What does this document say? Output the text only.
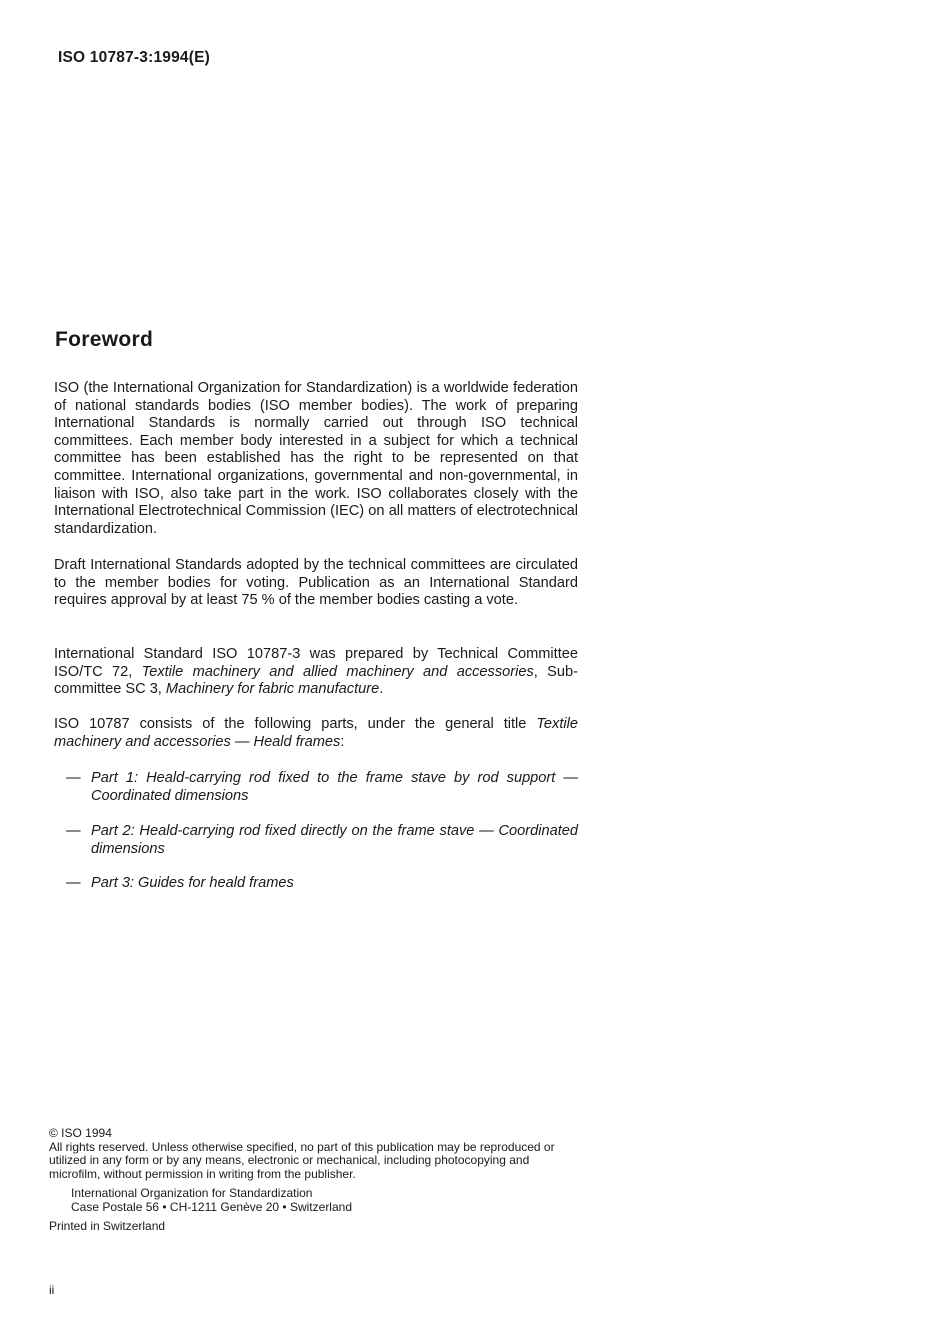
ISO 10787-3:1994(E)
Foreword

ISO (the International Organization for Standardization) is a worldwide federation of national standards bodies (ISO member bodies). The work of preparing International Standards is normally carried out through ISO technical committees. Each member body interested in a subject for which a technical committee has been established has the right to be represented on that committee. International organizations, governmental and non-governmental, in liaison with ISO, also take part in the work. ISO collaborates closely with the International Electrotechnical Commission (IEC) on all matters of electrotechnical standardization.

Draft International Standards adopted by the technical committees are circulated to the member bodies for voting. Publication as an International Standard requires approval by at least 75 % of the member bodies casting a vote.

International Standard ISO 10787-3 was prepared by Technical Committee ISO/TC 72, Textile machinery and allied machinery and accessories, Sub-committee SC 3, Machinery for fabric manufacture.

ISO 10787 consists of the following parts, under the general title Textile machinery and accessories — Heald frames:

— Part 1: Heald-carrying rod fixed to the frame stave by rod support — Coordinated dimensions
— Part 2: Heald-carrying rod fixed directly on the frame stave — Coordinated dimensions
— Part 3: Guides for heald frames
© ISO 1994
All rights reserved. Unless otherwise specified, no part of this publication may be reproduced or utilized in any form or by any means, electronic or mechanical, including photocopying and microfilm, without permission in writing from the publisher.
International Organization for Standardization
Case Postale 56 • CH-1211 Genève 20 • Switzerland
Printed in Switzerland
ii
